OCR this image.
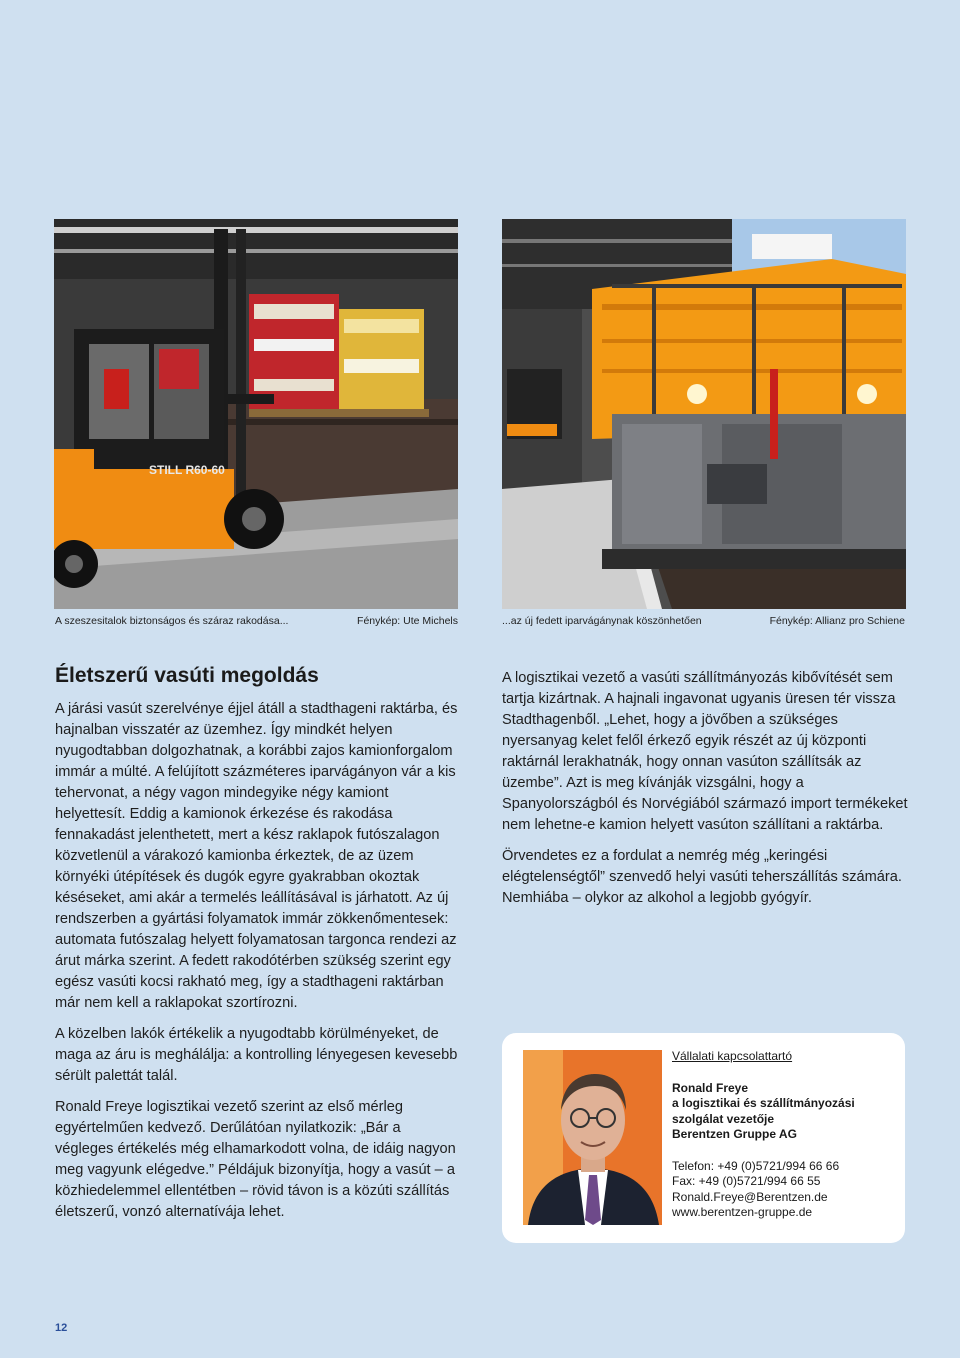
STILL R60-60
A szeszesitalok biztonságos és száraz rakodása...	Fénykép: Ute Michels	...az új fedett iparvágánynak köszönhetően	Fénykép: Allianz pro Schiene
Életszerű vasúti megoldás

A járási vasút szerelvénye éjjel átáll a stadthageni raktárba, és hajnalban visszatér az üzemhez. Így mindkét helyen nyugodtabban dolgozhatnak, a korábbi zajos kamionforgalom immár a múlté. A felújított százméteres iparvágányon vár a kis tehervonat, a négy vagon mindegyike négy kamiont helyettesít. Eddig a kamionok érkezése és rakodása fennakadást jelenthetett, mert a kész raklapok futószalagon közvetlenül a várakozó kamionba érkeztek, de az üzem környéki útépítések és dugók egyre gyakrabban okoztak késéseket, ami akár a termelés leállításával is járhatott. Az új rendszerben a gyártási folyamatok immár zökkenőmentesek: automata futószalag helyett folyamatosan targonca rendezi az árut márka szerint. A fedett rakodótérben szükség szerint egy egész vasúti kocsi rakható meg, így a stadthageni raktárban már nem kell a raklapokat szortírozni.

A közelben lakók értékelik a nyugodtabb körülményeket, de maga az áru is meghálálja: a kontrolling lényegesen kevesebb sérült palettát talál.

Ronald Freye logisztikai vezető szerint az első mérleg egyértelműen kedvező. Derűlátóan nyilatkozik: „Bár a végleges értékelés még elhamarkodott volna, de idáig nagyon meg vagyunk elégedve.” Példájuk bizonyítja, hogy a vasút – a közhiedelemmel ellentétben – rövid távon is a közúti szállítás életszerű, vonzó alternatívája lehet.

A logisztikai vezető a vasúti szállítmányozás kibővítését sem tartja kizártnak. A hajnali ingavonat ugyanis üresen tér vissza Stadthagenből. „Lehet, hogy a jövőben a szükséges nyersanyag kelet felől érkező egyik részét az új központi raktárnál lerakhatnák, hogy onnan vasúton szállítsák az üzembe”. Azt is meg kívánják vizsgálni, hogy a Spanyolországból és Norvégiából származó import termékeket nem lehetne-e kamion helyett vasúton szállítani a raktárba.

Örvendetes ez a fordulat a nemrég még „keringési elégtelenségtől” szenvedő helyi vasúti teherszállítás számára. Nemhiába – olykor az alkohol a legjobb gyógyír.

Vállalati kapcsolattartó
Ronald Freye
a logisztikai és szállítmányozási
szolgálat vezetője
Berentzen Gruppe AG
Telefon: +49 (0)5721/994 66 66
Fax: +49 (0)5721/994 66 55
Ronald.Freye@Berentzen.de
www.berentzen-gruppe.de
12
